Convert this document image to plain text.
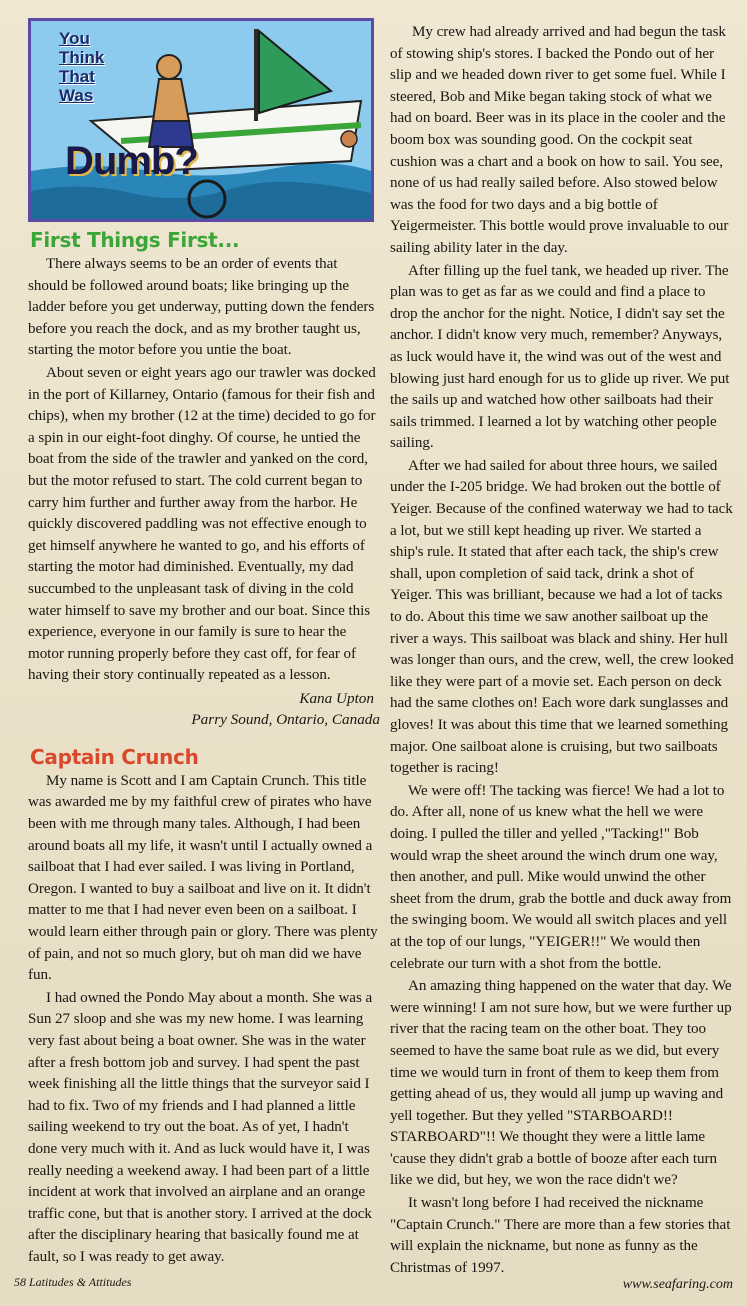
You
Think
That
Was
Dumb?
First Things First...

There always seems to be an order of events that should be followed around boats; like bringing up the ladder before you get underway, putting down the fenders before you reach the dock, and as my brother taught us, starting the motor before you untie the boat.

About seven or eight years ago our trawler was docked in the port of Killarney, Ontario (famous for their fish and chips), when my brother (12 at the time) decided to go for a spin in our eight-foot dinghy. Of course, he untied the boat from the side of the trawler and yanked on the cord, but the motor refused to start. The cold current began to carry him further and further away from the harbor. He quickly discovered paddling was not effective enough to get himself anywhere he wanted to go, and his efforts of starting the motor had diminished. Eventually, my dad succumbed to the unpleasant task of diving in the cold water himself to save my brother and our boat. Since this experience, everyone in our family is sure to hear the motor running properly before they cast off, for fear of having their story continually repeated as a lesson.

Kana Upton
Parry Sound, Ontario, Canada
Captain Crunch

My name is Scott and I am Captain Crunch. This title was awarded me by my faithful crew of pirates who have been with me through many tales. Although, I had been around boats all my life, it wasn't until I actually owned a sailboat that I had ever sailed. I was living in Portland, Oregon. I wanted to buy a sailboat and live on it. It didn't matter to me that I had never even been on a sailboat. I would learn either through pain or glory. There was plenty of pain, and not so much glory, but oh man did we have fun.

I had owned the Pondo May about a month. She was a Sun 27 sloop and she was my new home. I was learning very fast about being a boat owner. She was in the water after a fresh bottom job and survey. I had spent the past week finishing all the little things that the surveyor said I had to fix. Two of my friends and I had planned a little sailing weekend to try out the boat. As of yet, I hadn't done very much with it. And as luck would have it, I was really needing a weekend away. I had been part of a little incident at work that involved an airplane and an orange traffic cone, but that is another story. I arrived at the dock after the disciplinary hearing that basically found me at fault, so I was ready to get away.

My crew had already arrived and had begun the task of stowing ship's stores. I backed the Pondo out of her slip and we headed down river to get some fuel. While I steered, Bob and Mike began taking stock of what we had on board. Beer was in its place in the cooler and the boom box was sounding good. On the cockpit seat cushion was a chart and a book on how to sail. You see, none of us had really sailed before. Also stowed below was the food for two days and a big bottle of Yeigermeister. This bottle would prove invaluable to our sailing ability later in the day.

After filling up the fuel tank, we headed up river. The plan was to get as far as we could and find a place to drop the anchor for the night. Notice, I didn't say set the anchor. I didn't know very much, remember? Anyways, as luck would have it, the wind was out of the west and blowing just hard enough for us to glide up river. We put the sails up and watched how other sailboats had their sails trimmed. I learned a lot by watching other people sailing.

After we had sailed for about three hours, we sailed under the I-205 bridge. We had broken out the bottle of Yeiger. Because of the confined waterway we had to tack a lot, but we still kept heading up river. We started a ship's rule. It stated that after each tack, the ship's crew shall, upon completion of said tack, drink a shot of Yeiger. This was brilliant, because we had a lot of tacks to do. About this time we saw another sailboat up the river a ways. This sailboat was black and shiny. Her hull was longer than ours, and the crew, well, the crew looked like they were part of a movie set. Each person on deck had the same clothes on! Each wore dark sunglasses and gloves! It was about this time that we learned something major. One sailboat alone is cruising, but two sailboats together is racing!

We were off! The tacking was fierce! We had a lot to do. After all, none of us knew what the hell we were doing. I pulled the tiller and yelled ,"Tacking!" Bob would wrap the sheet around the winch drum one way, then another, and pull. Mike would unwind the other sheet from the drum, grab the bottle and duck away from the swinging boom. We would all switch places and yell at the top of our lungs, "YEIGER!!" We would then celebrate our turn with a shot from the bottle.

An amazing thing happened on the water that day. We were winning! I am not sure how, but we were further up river that the racing team on the other boat. They too seemed to have the same boat rule as we did, but every time we would turn in front of them to keep them from getting ahead of us, they would all jump up waving and yell together. But they yelled "STARBOARD!! STARBOARD"!! We thought they were a little lame 'cause they didn't grab a bottle of booze after each turn like we did, but hey, we won the race didn't we?

It wasn't long before I had received the nickname "Captain Crunch." There are more than a few stories that will explain the nickname, but none as funny as the Christmas of 1997.

58 Latitudes & Attitudes	www.seafaring.com
